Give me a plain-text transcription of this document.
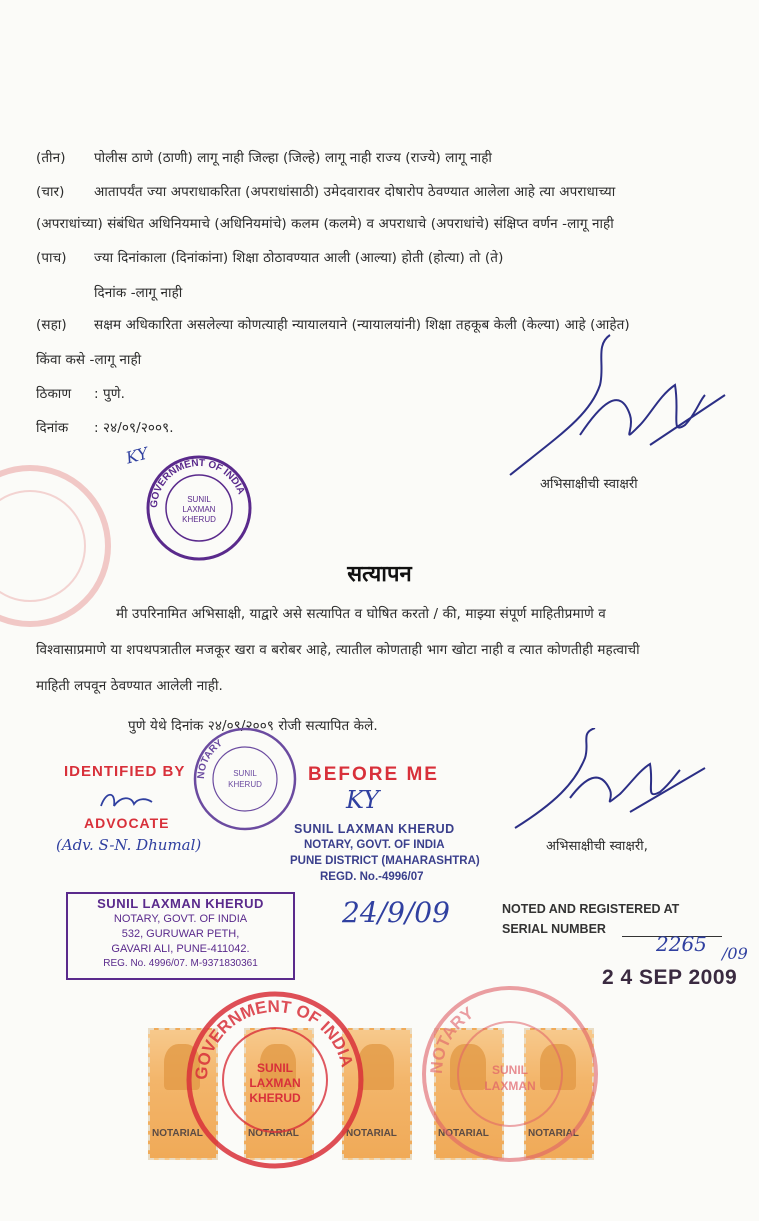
(तीन) पोलीस ठाणे (ठाणी) लागू नाही जिल्हा (जिल्हे) लागू नाही राज्य (राज्ये) लागू नाही
(चार) आतापर्यंत ज्या अपराधाकरिता (अपराधांसाठी) उमेदवारावर दोषारोप ठेवण्यात आलेला आहे त्या अपराधाच्या
(अपराधांच्या) संबंधित अधिनियमाचे (अधिनियमांचे) कलम (कलमे) व अपराधाचे (अपराधांचे) संक्षिप्त वर्णन -लागू नाही
(पाच) ज्या दिनांकाला (दिनांकांना) शिक्षा ठोठावण्यात आली (आल्या) होती (होत्या) तो (ते)
दिनांक -लागू नाही
(सहा) सक्षम अधिकारिता असलेल्या कोणत्याही न्यायालयाने (न्यायालयांनी) शिक्षा तहकूब केली (केल्या) आहे (आहेत)
किंवा कसे -लागू नाही
ठिकाण : पुणे.
दिनांक : २४/०९/२००९.
अभिसाक्षीची स्वाक्षरी
GOVERNMENT OF INDIA
SUNIL
LAXMAN
KHERUD
KY
सत्यापन
मी उपरिनामित अभिसाक्षी, याद्वारे असे सत्यापित व घोषित करतो / की, माझ्या संपूर्ण माहितीप्रमाणे व
विश्वासाप्रमाणे या शपथपत्रातील मजकूर खरा व बरोबर आहे, त्यातील कोणताही भाग खोटा नाही व त्यात कोणतीही महत्वाची
माहिती लपवून ठेवण्यात आलेली नाही.
पुणे येथे दिनांक २४/०९/२००९ रोजी सत्यापित केले.
IDENTIFIED BY
ADVOCATE
(Adv. S-N. Dhumal)
NOTARY
SUNIL
KHERUD BEFORE ME
KY
SUNIL LAXMAN KHERUD
NOTARY, GOVT. OF INDIA
PUNE DISTRICT (MAHARASHTRA)
REGD. No.-4996/07
24/9/09
अभिसाक्षीची स्वाक्षरी,
SUNIL LAXMAN KHERUD
NOTARY, GOVT. OF INDIA
532, GURUWAR PETH,
GAVARI ALI, PUNE-411042.
REG. No. 4996/07. M-9371830361
NOTED AND REGISTERED AT
SERIAL NUMBER
2265 /09
2 4 SEP 2009
NOTARIAL	NOTARIAL	NOTARIAL	NOTARIAL	NOTARIAL
GOVERNMENT OF INDIA
SUNIL
LAXMAN
KHERUD
NOTARY
SUNIL
LAXMAN
